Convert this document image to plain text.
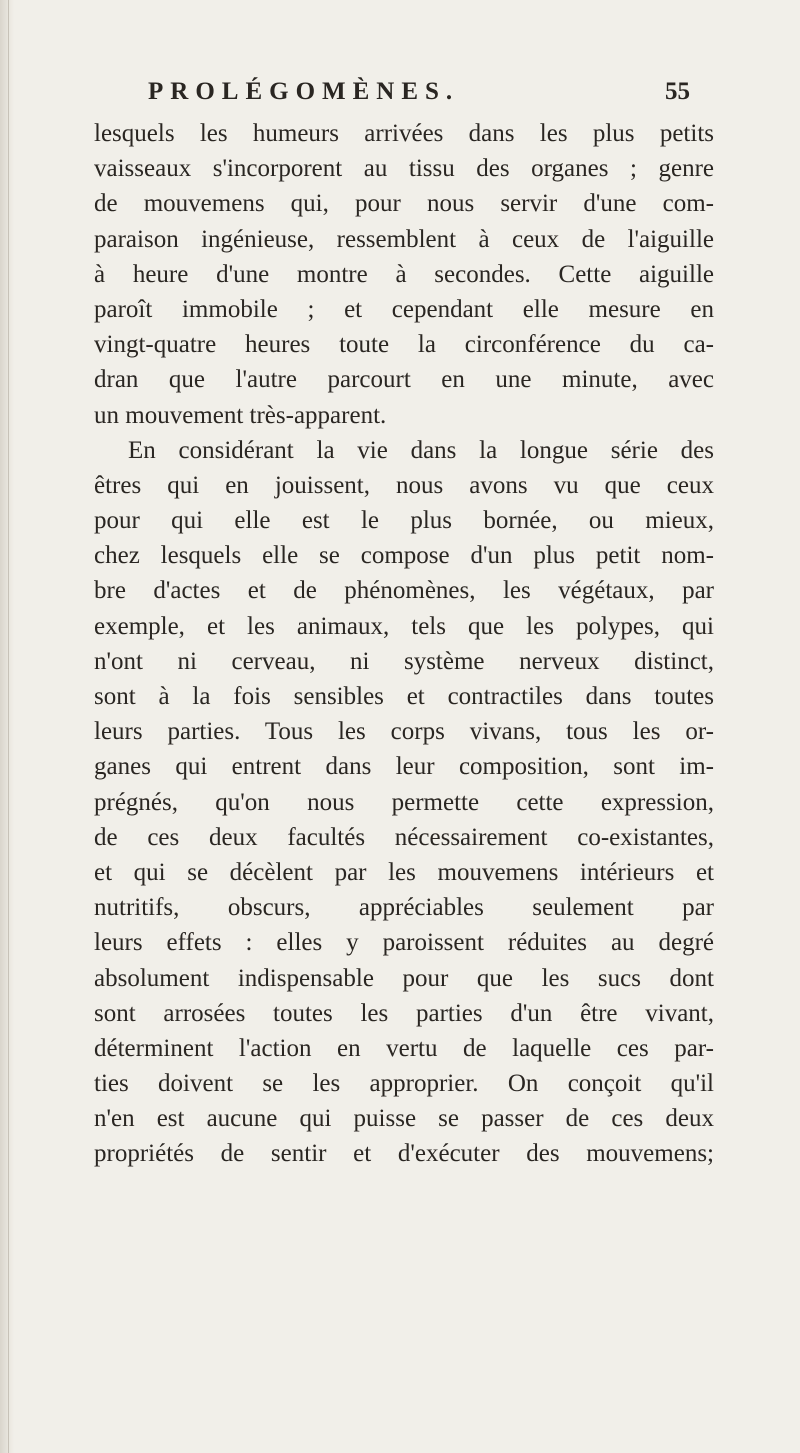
PROLÉGOMÈNES.	55
lesquels les humeurs arrivées dans les plus petits
vaisseaux s'incorporent au tissu des organes ; genre
de mouvemens qui, pour nous servir d'une com-
paraison ingénieuse, ressemblent à ceux de l'aiguille
à heure d'une montre à secondes. Cette aiguille
paroît immobile ; et cependant elle mesure en
vingt-quatre heures toute la circonférence du ca-
dran que l'autre parcourt en une minute, avec
un mouvement très-apparent.
En considérant la vie dans la longue série des
êtres qui en jouissent, nous avons vu que ceux
pour qui elle est le plus bornée, ou mieux,
chez lesquels elle se compose d'un plus petit nom-
bre d'actes et de phénomènes, les végétaux, par
exemple, et les animaux, tels que les polypes, qui
n'ont ni cerveau, ni système nerveux distinct,
sont à la fois sensibles et contractiles dans toutes
leurs parties. Tous les corps vivans, tous les or-
ganes qui entrent dans leur composition, sont im-
prégnés, qu'on nous permette cette expression,
de ces deux facultés nécessairement co-existantes,
et qui se décèlent par les mouvemens intérieurs et
nutritifs, obscurs, appréciables seulement par
leurs effets : elles y paroissent réduites au degré
absolument indispensable pour que les sucs dont
sont arrosées toutes les parties d'un être vivant,
déterminent l'action en vertu de laquelle ces par-
ties doivent se les approprier. On conçoit qu'il
n'en est aucune qui puisse se passer de ces deux
propriétés de sentir et d'exécuter des mouvemens;
